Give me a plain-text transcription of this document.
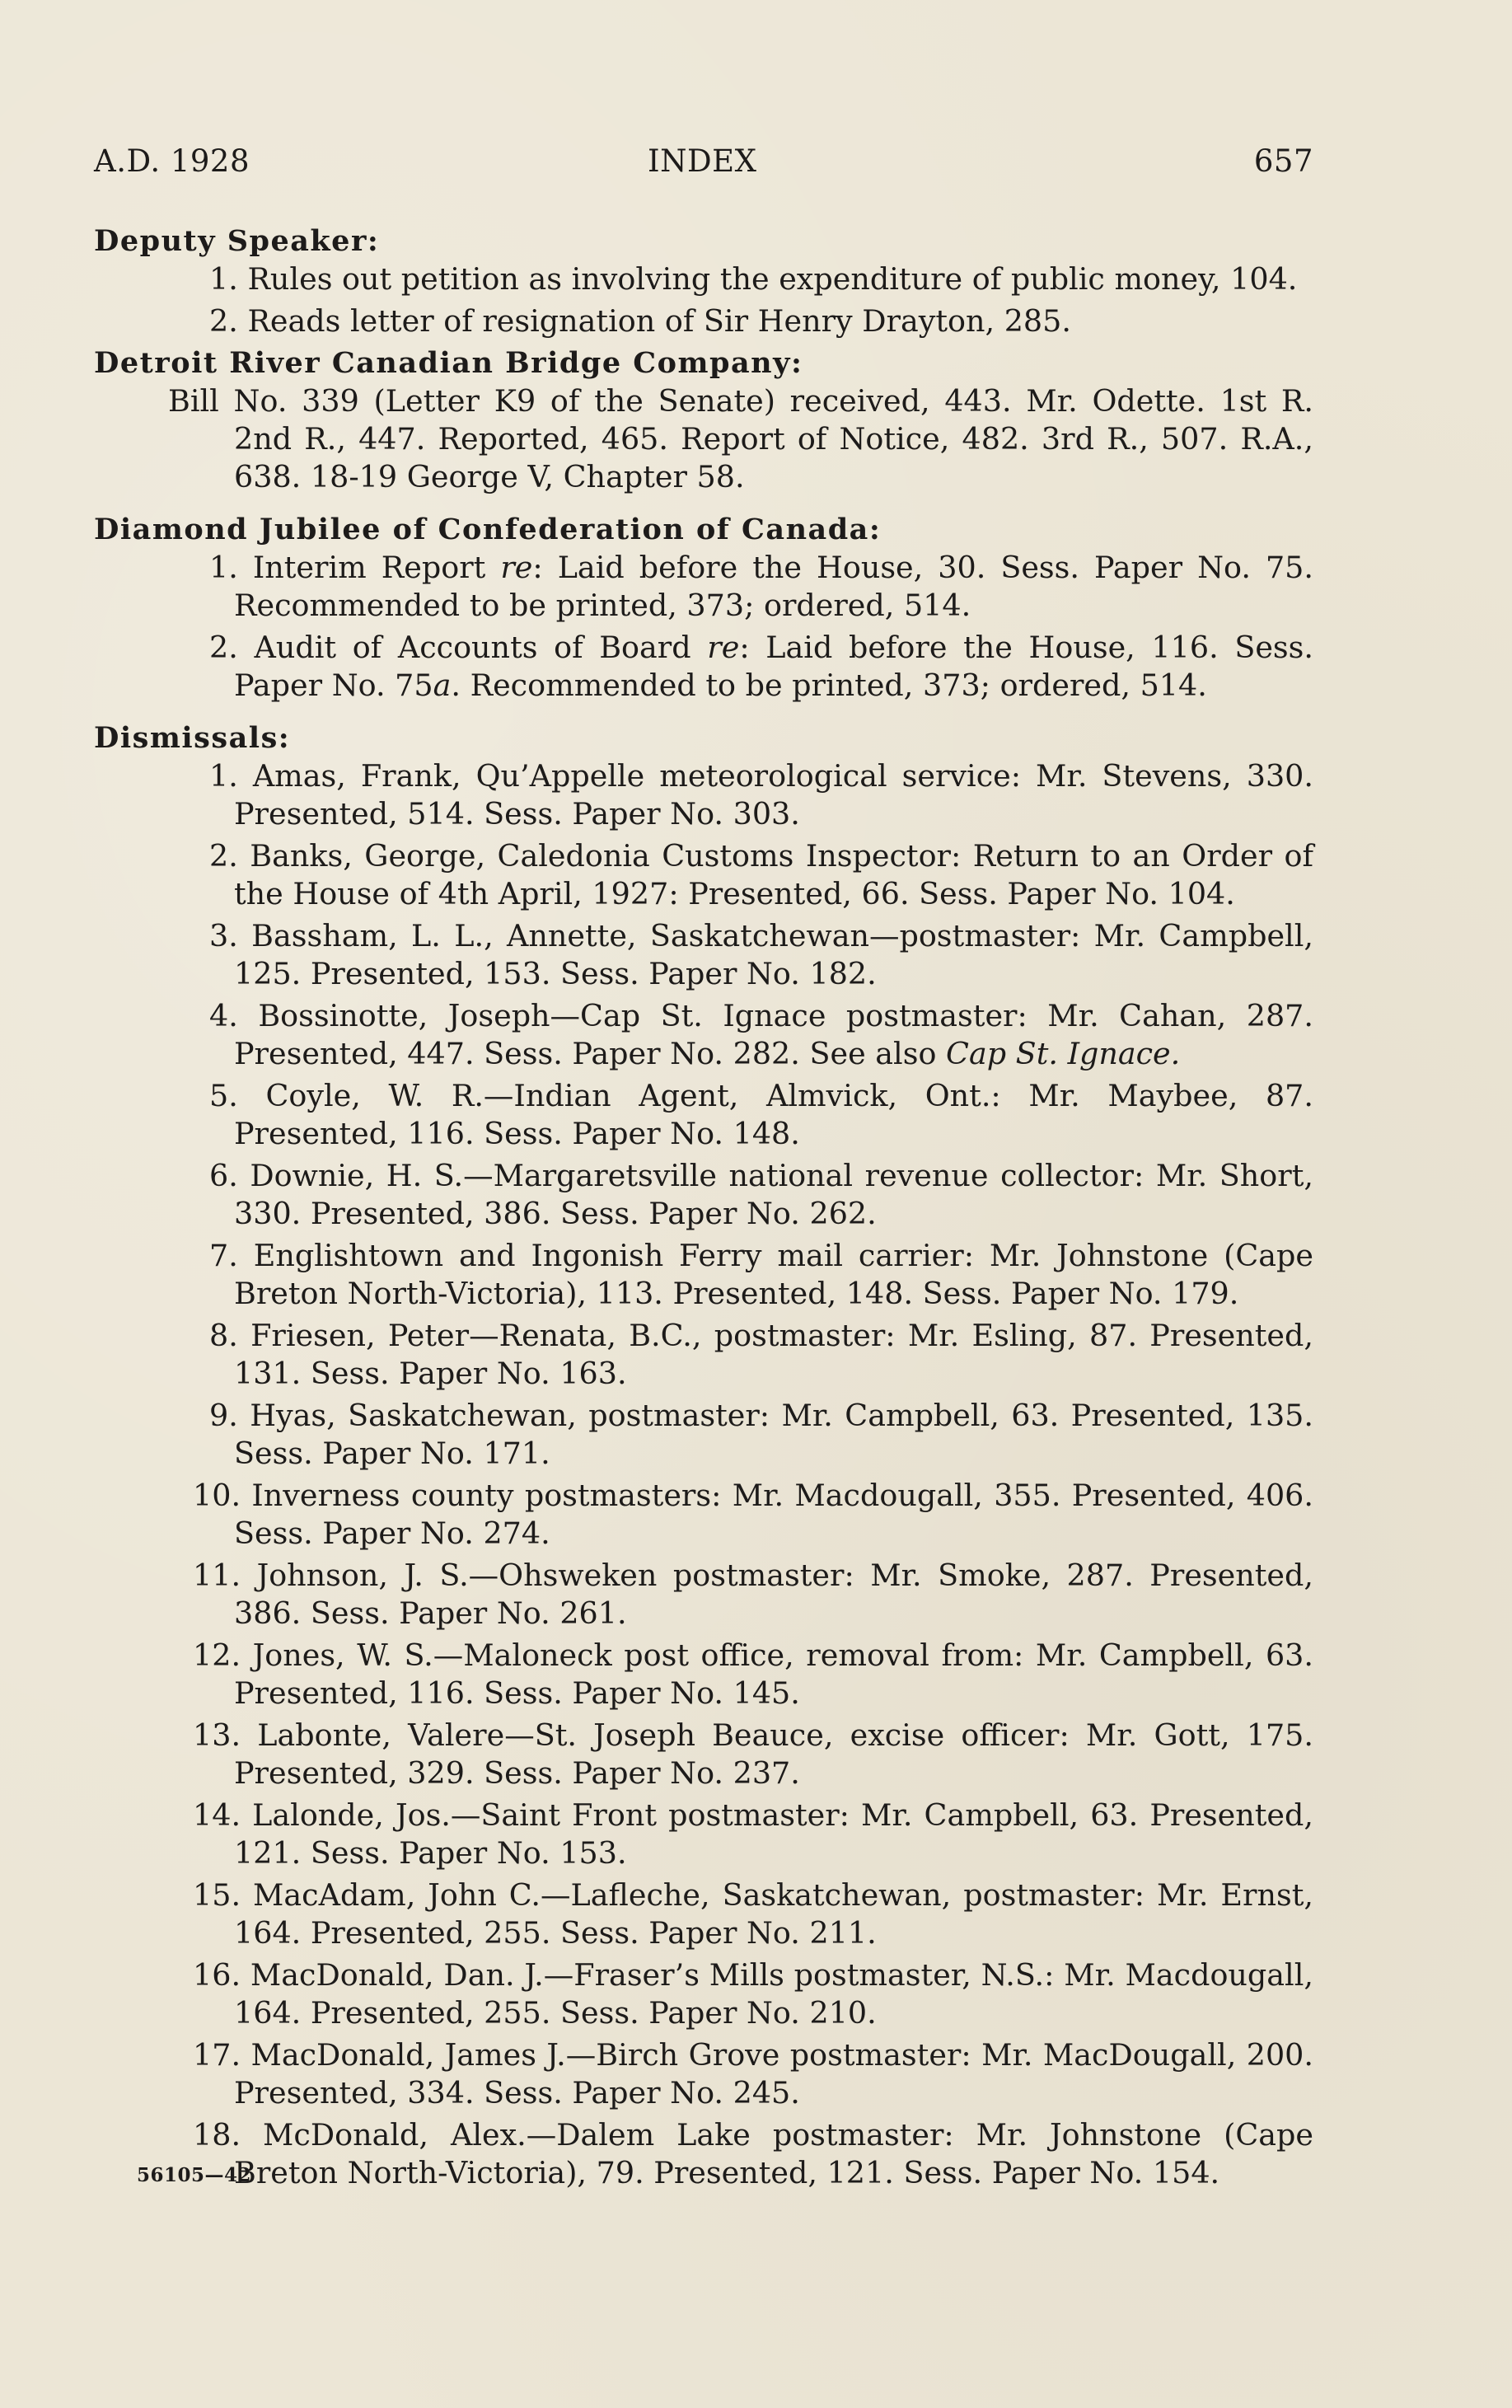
A.D. 1928	INDEX	657

Deputy Speaker:

1. Rules out petition as involving the expenditure of public money, 104.

2. Reads letter of resignation of Sir Henry Drayton, 285.

Detroit River Canadian Bridge Company:

Bill No. 339 (Letter K9 of the Senate) received, 443. Mr. Odette. 1st R. 2nd R., 447. Reported, 465. Report of Notice, 482. 3rd R., 507. R.A., 638. 18-19 George V, Chapter 58.

Diamond Jubilee of Confederation of Canada:

1. Interim Report re: Laid before the House, 30. Sess. Paper No. 75. Recommended to be printed, 373; ordered, 514.

2. Audit of Accounts of Board re: Laid before the House, 116. Sess. Paper No. 75a. Recommended to be printed, 373; ordered, 514.

Dismissals:

1. Amas, Frank, Qu’Appelle meteorological service: Mr. Stevens, 330. Presented, 514. Sess. Paper No. 303.

2. Banks, George, Caledonia Customs Inspector: Return to an Order of the House of 4th April, 1927: Presented, 66. Sess. Paper No. 104.

3. Bassham, L. L., Annette, Saskatchewan—postmaster: Mr. Campbell, 125. Presented, 153. Sess. Paper No. 182.

4. Bossinotte, Joseph—Cap St. Ignace postmaster: Mr. Cahan, 287. Presented, 447. Sess. Paper No. 282. See also Cap St. Ignace.

5. Coyle, W. R.—Indian Agent, Almvick, Ont.: Mr. Maybee, 87. Presented, 116. Sess. Paper No. 148.

6. Downie, H. S.—Margaretsville national revenue collector: Mr. Short, 330. Presented, 386. Sess. Paper No. 262.

7. Englishtown and Ingonish Ferry mail carrier: Mr. Johnstone (Cape Breton North-Victoria), 113. Presented, 148. Sess. Paper No. 179.

8. Friesen, Peter—Renata, B.C., postmaster: Mr. Esling, 87. Presented, 131. Sess. Paper No. 163.

9. Hyas, Saskatchewan, postmaster: Mr. Campbell, 63. Presented, 135. Sess. Paper No. 171.

10. Inverness county postmasters: Mr. Macdougall, 355. Presented, 406. Sess. Paper No. 274.

11. Johnson, J. S.—Ohsweken postmaster: Mr. Smoke, 287. Presented, 386. Sess. Paper No. 261.

12. Jones, W. S.—Maloneck post office, removal from: Mr. Campbell, 63. Presented, 116. Sess. Paper No. 145.

13. Labonte, Valere—St. Joseph Beauce, excise officer: Mr. Gott, 175. Presented, 329. Sess. Paper No. 237.

14. Lalonde, Jos.—Saint Front postmaster: Mr. Campbell, 63. Presented, 121. Sess. Paper No. 153.

15. MacAdam, John C.—Lafleche, Saskatchewan, postmaster: Mr. Ernst, 164. Presented, 255. Sess. Paper No. 211.

16. MacDonald, Dan. J.—Fraser’s Mills postmaster, N.S.: Mr. Macdougall, 164. Presented, 255. Sess. Paper No. 210.

17. MacDonald, James J.—Birch Grove postmaster: Mr. MacDougall, 200. Presented, 334. Sess. Paper No. 245.

18. McDonald, Alex.—Dalem Lake postmaster: Mr. Johnstone (Cape Breton North-Victoria), 79. Presented, 121. Sess. Paper No. 154.

56105—42
